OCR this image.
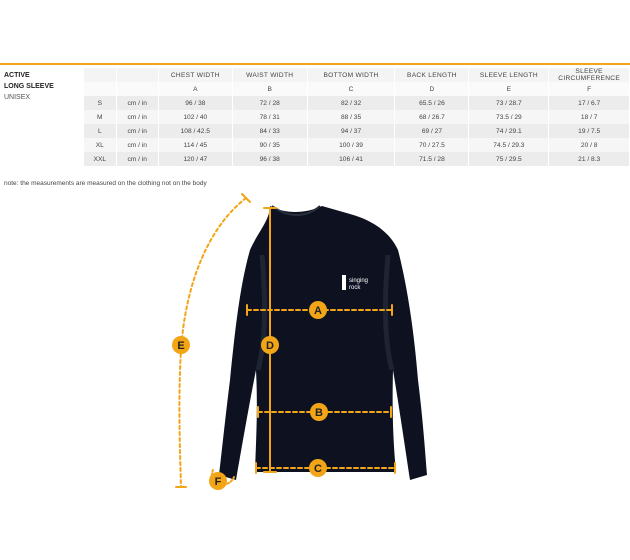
ACTIVE
LONG SLEEVE
UNISEX
		CHEST WIDTH	WAIST WIDTH	BOTTOM WIDTH	BACK LENGTH	SLEEVE LENGTH	SLEEVE CIRCUMFERENCE
		A	B	C	D	E	F
S	cm / in	96 / 38	72 / 28	82 / 32	65.5 / 26	73 / 28.7	17 / 6.7
M	cm / in	102 / 40	78 / 31	88 / 35	68 / 26.7	73.5 / 29	18 / 7
L	cm / in	108 / 42.5	84 / 33	94 / 37	69 / 27	74 / 29.1	19 / 7.5
XL	cm / in	114 / 45	90 / 35	100 / 39	70 / 27.5	74.5 / 29.3	20 / 8
XXL	cm / in	120 / 47	96 / 38	106 / 41	71.5 / 28	75 / 29.5	21 / 8.3
note: the measurements are measured on the clothing not on the body
singing
rock
A
B
C
D
E
F
